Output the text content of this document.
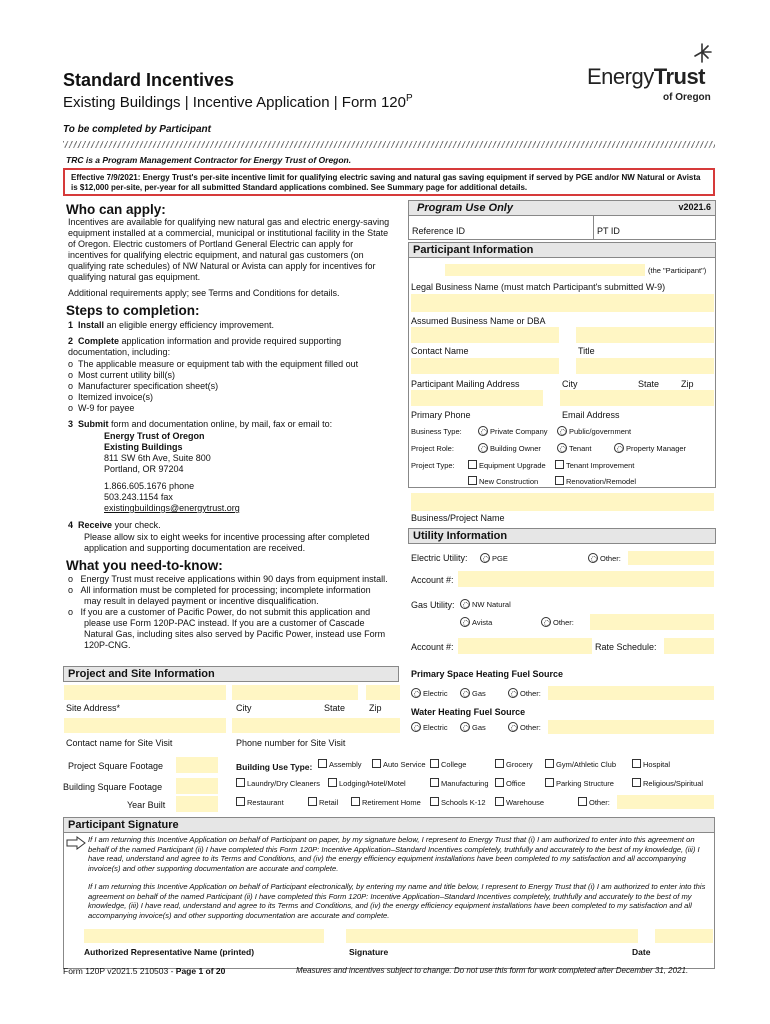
EnergyTrust
of Oregon
Standard Incentives
Existing Buildings | Incentive Application | Form $120^P$
To be completed by Participant
TRC is a Program Management Contractor for Energy Trust of Oregon.
Effective 7/9/2021: Energy Trust's per-site incentive limit for qualifying electric saving and natural gas saving equipment if served by PGE and/or NW Natural or Avista is $12,000 per-site, per-year for all submitted Standard applications combined. See Summary page for additional details.
Who can apply:
Incentives are available for qualifying new natural gas and electric energy-saving equipment installed at a commercial, municipal or institutional facility in the State of Oregon. Electric customers of Portland General Electric can apply for incentives for qualifying electric equipment, and natural gas customers (on qualifying rate schedules) of NW Natural or Avista can apply for incentives for qualifying natural gas equipment.
Additional requirements apply; see Terms and Conditions for details.
Steps to completion:
1 Install an eligible energy efficiency improvement.
2 Complete application information and provide required supporting documentation, including:
o  The applicable measure or equipment tab with the equipment filled out
o  Most current utility bill(s)
o  Manufacturer specification sheet(s)
o  Itemized invoice(s)
o  W-9 for payee
3 Submit form and documentation online, by mail, fax or email to:
Energy Trust of Oregon
Existing Buildings
811 SW 6th Ave, Suite 800
Portland, OR 97204
1.866.605.1676 phone
503.243.1154 fax
existingbuildings@energytrust.org
4 Receive your check.
Please allow six to eight weeks for incentive processing after completed application and supporting documentation are received.
What you need-to-know:
o   Energy Trust must receive applications within 90 days from equipment install.
o   All information must be completed for processing; incomplete information may result in delayed payment or incentive disqualification.
o   If you are a customer of Pacific Power, do not submit this application and please use Form 120P-PAC instead. If you are a customer of Cascade Natural Gas, including sites also served by Pacific Power, instead use Form 120P-CNG.
Program Use Only	v2021.6
Reference ID	PT ID
Participant Information
(the "Participant")
Legal Business Name (must match Participant's submitted W-9)
Assumed Business Name or DBA
Contact Name	Title
Participant Mailing Address	City	State Zip
Primary Phone	Email Address
Business Type:	Private Company	Public/government
Project Role:	Building Owner	Tenant	Property Manager
Project Type:	Equipment Upgrade	Tenant Improvement
New Construction	Renovation/Remodel
Business/Project Name
Utility Information
Electric Utility:	PGE	Other:
Account #:
Gas Utility:	NW Natural
Avista	Other:
Account #:	Rate Schedule:
Primary Space Heating Fuel Source
Electric	Gas	Other:
Water Heating Fuel Source
Electric	Gas	Other:
Project and Site Information
Site Address*	City	State	Zip
Contact name for Site Visit	Phone number for Site Visit
Project Square Footage
Building Square Footage
Year Built
Building Use Type:	Assembly	Auto Service	College	Grocery	Gym/Athletic Club	Hospital
Laundry/Dry Cleaners	Lodging/Hotel/Motel	Manufacturing	Office	Parking Structure	Religious/Spiritual
Restaurant	Retail	Retirement Home	Schools K-12	Warehouse	Other:
Participant Signature
If I am returning this Incentive Application on behalf of Participant on paper, by my signature below, I represent to Energy Trust that (i) I am authorized to enter into this agreement on behalf of the named Participant (ii) I have completed this Form 120P: Incentive Application–Standard Incentives completely, truthfully and accurately to the best of my knowledge, (iii) I have read, understand and agree to its Terms and Conditions, and (iv) the energy efficiency equipment installations have been completed to my satisfaction and all accompanying invoice(s) and other supporting documentation are accurate and complete.
If I am returning this Incentive Application on behalf of Participant electronically, by entering my name and title below, I represent to Energy Trust that (i) I am authorized to enter into this agreement on behalf of the named Participant (ii) I have completed this Form 120P: Incentive Application–Standard Incentives completely, truthfully and accurately to the best of my knowledge, (iii) I have read, understand and agree to its Terms and Conditions, and (iv) the energy efficiency equipment installations have been completed to my satisfaction and all accompanying invoice(s) and other supporting documentation are accurate and complete.
Authorized Representative Name (printed)	Signature	Date
Form 120P v2021.5 210503 - Page 1 of 20	Measures and incentives subject to change. Do not use this form for work completed after December 31, 2021.
